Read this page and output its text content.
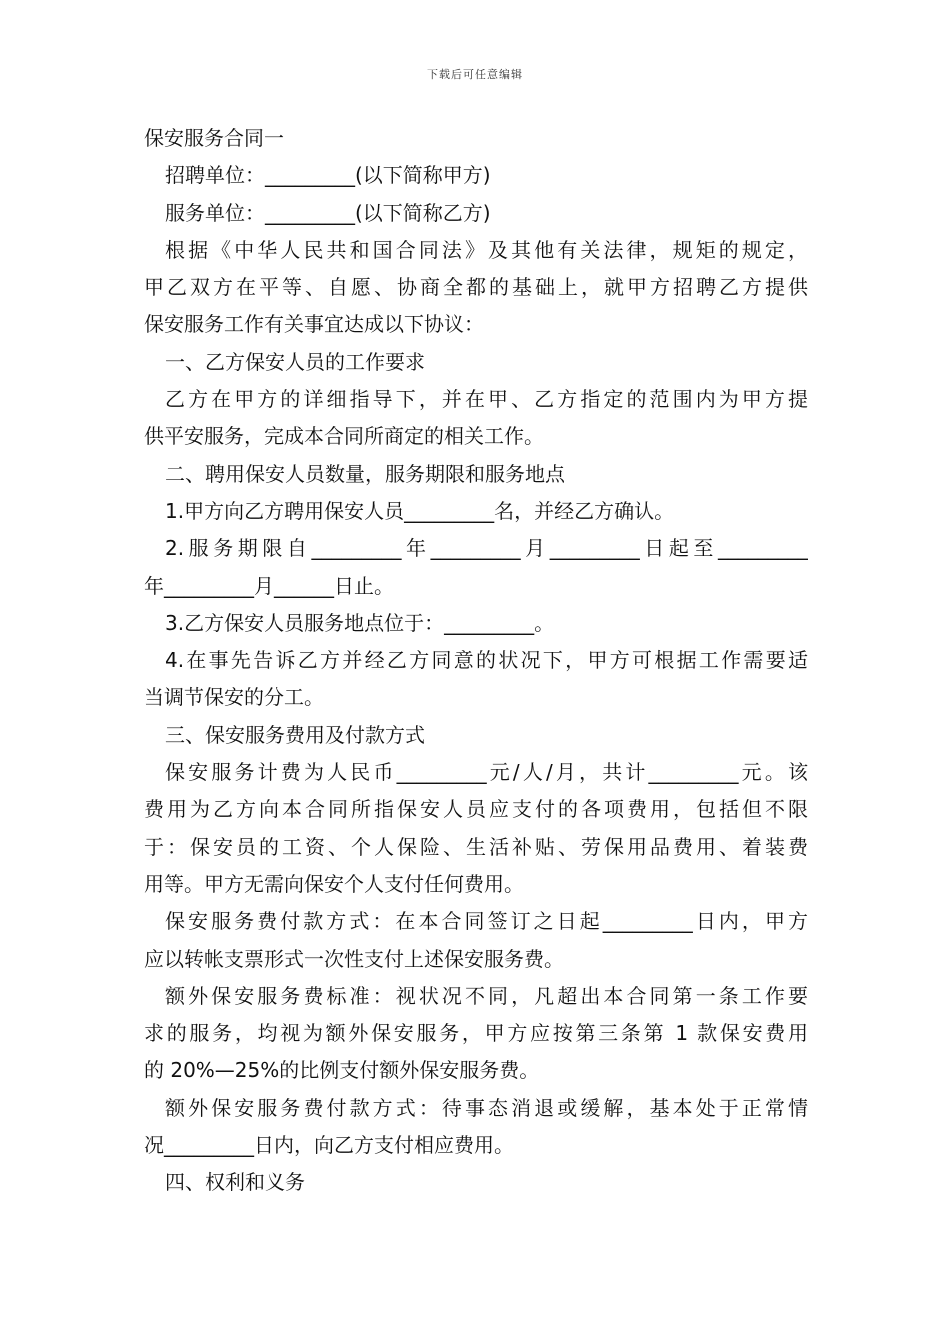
下载后可任意编辑
保安服务合同一
招聘单位：_________(以下简称甲方)
服务单位：_________(以下简称乙方)
根据《中华人民共和国合同法》及其他有关法律，规矩的规定，
甲乙双方在平等、自愿、协商全都的基础上，就甲方招聘乙方提供
保安服务工作有关事宜达成以下协议：
一、乙方保安人员的工作要求
乙方在甲方的详细指导下，并在甲、乙方指定的范围内为甲方提
供平安服务，完成本合同所商定的相关工作。
二、聘用保安人员数量，服务期限和服务地点
1.甲方向乙方聘用保安人员_________名，并经乙方确认。
2.服务期限自_________年_________月_________日起至_________
年_________月______日止。
3.乙方保安人员服务地点位于：_________。
4.在事先告诉乙方并经乙方同意的状况下，甲方可根据工作需要适
当调节保安的分工。
三、保安服务费用及付款方式
保安服务计费为人民币_________元/人/月，共计_________元。该
费用为乙方向本合同所指保安人员应支付的各项费用，包括但不限
于：保安员的工资、个人保险、生活补贴、劳保用品费用、着装费
用等。甲方无需向保安个人支付任何费用。
保安服务费付款方式：在本合同签订之日起_________日内，甲方
应以转帐支票形式一次性支付上述保安服务费。
额外保安服务费标准：视状况不同，凡超出本合同第一条工作要
求的服务，均视为额外保安服务，甲方应按第三条第 1 款保安费用
的 20%—25%的比例支付额外保安服务费。
额外保安服务费付款方式：待事态消退或缓解，基本处于正常情
况_________日内，向乙方支付相应费用。
四、权利和义务
